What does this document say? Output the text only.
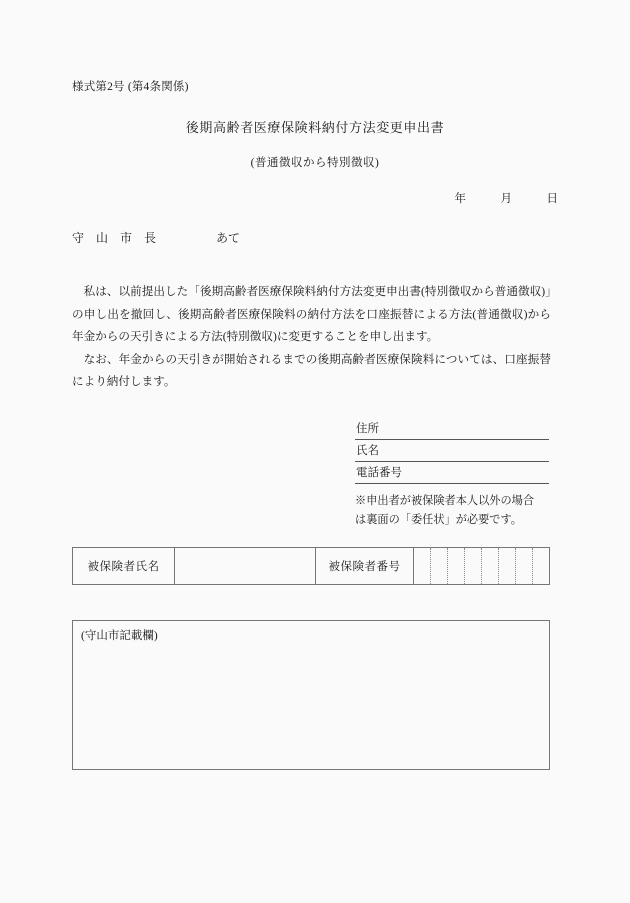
様式第2号 (第4条関係)
後期高齢者医療保険料納付方法変更申出書
(普通徴収から特別徴収)
年　　　月　　　日
守　山　市　長　　　　　あて

私は、以前提出した「後期高齢者医療保険料納付方法変更申出書(特別徴収から普通徴収)」の申し出を撤回し、後期高齢者医療保険料の納付方法を口座振替による方法(普通徴収)から年金からの天引きによる方法(特別徴収)に変更することを申し出ます。

なお、年金からの天引きが開始されるまでの後期高齢者医療保険料については、口座振替により納付します。

住所
氏名
電話番号
※申出者が被保険者本人以外の場合
は裏面の「委任状」が必要です。
被保険者氏名	被保険者番号
(守山市記載欄)
